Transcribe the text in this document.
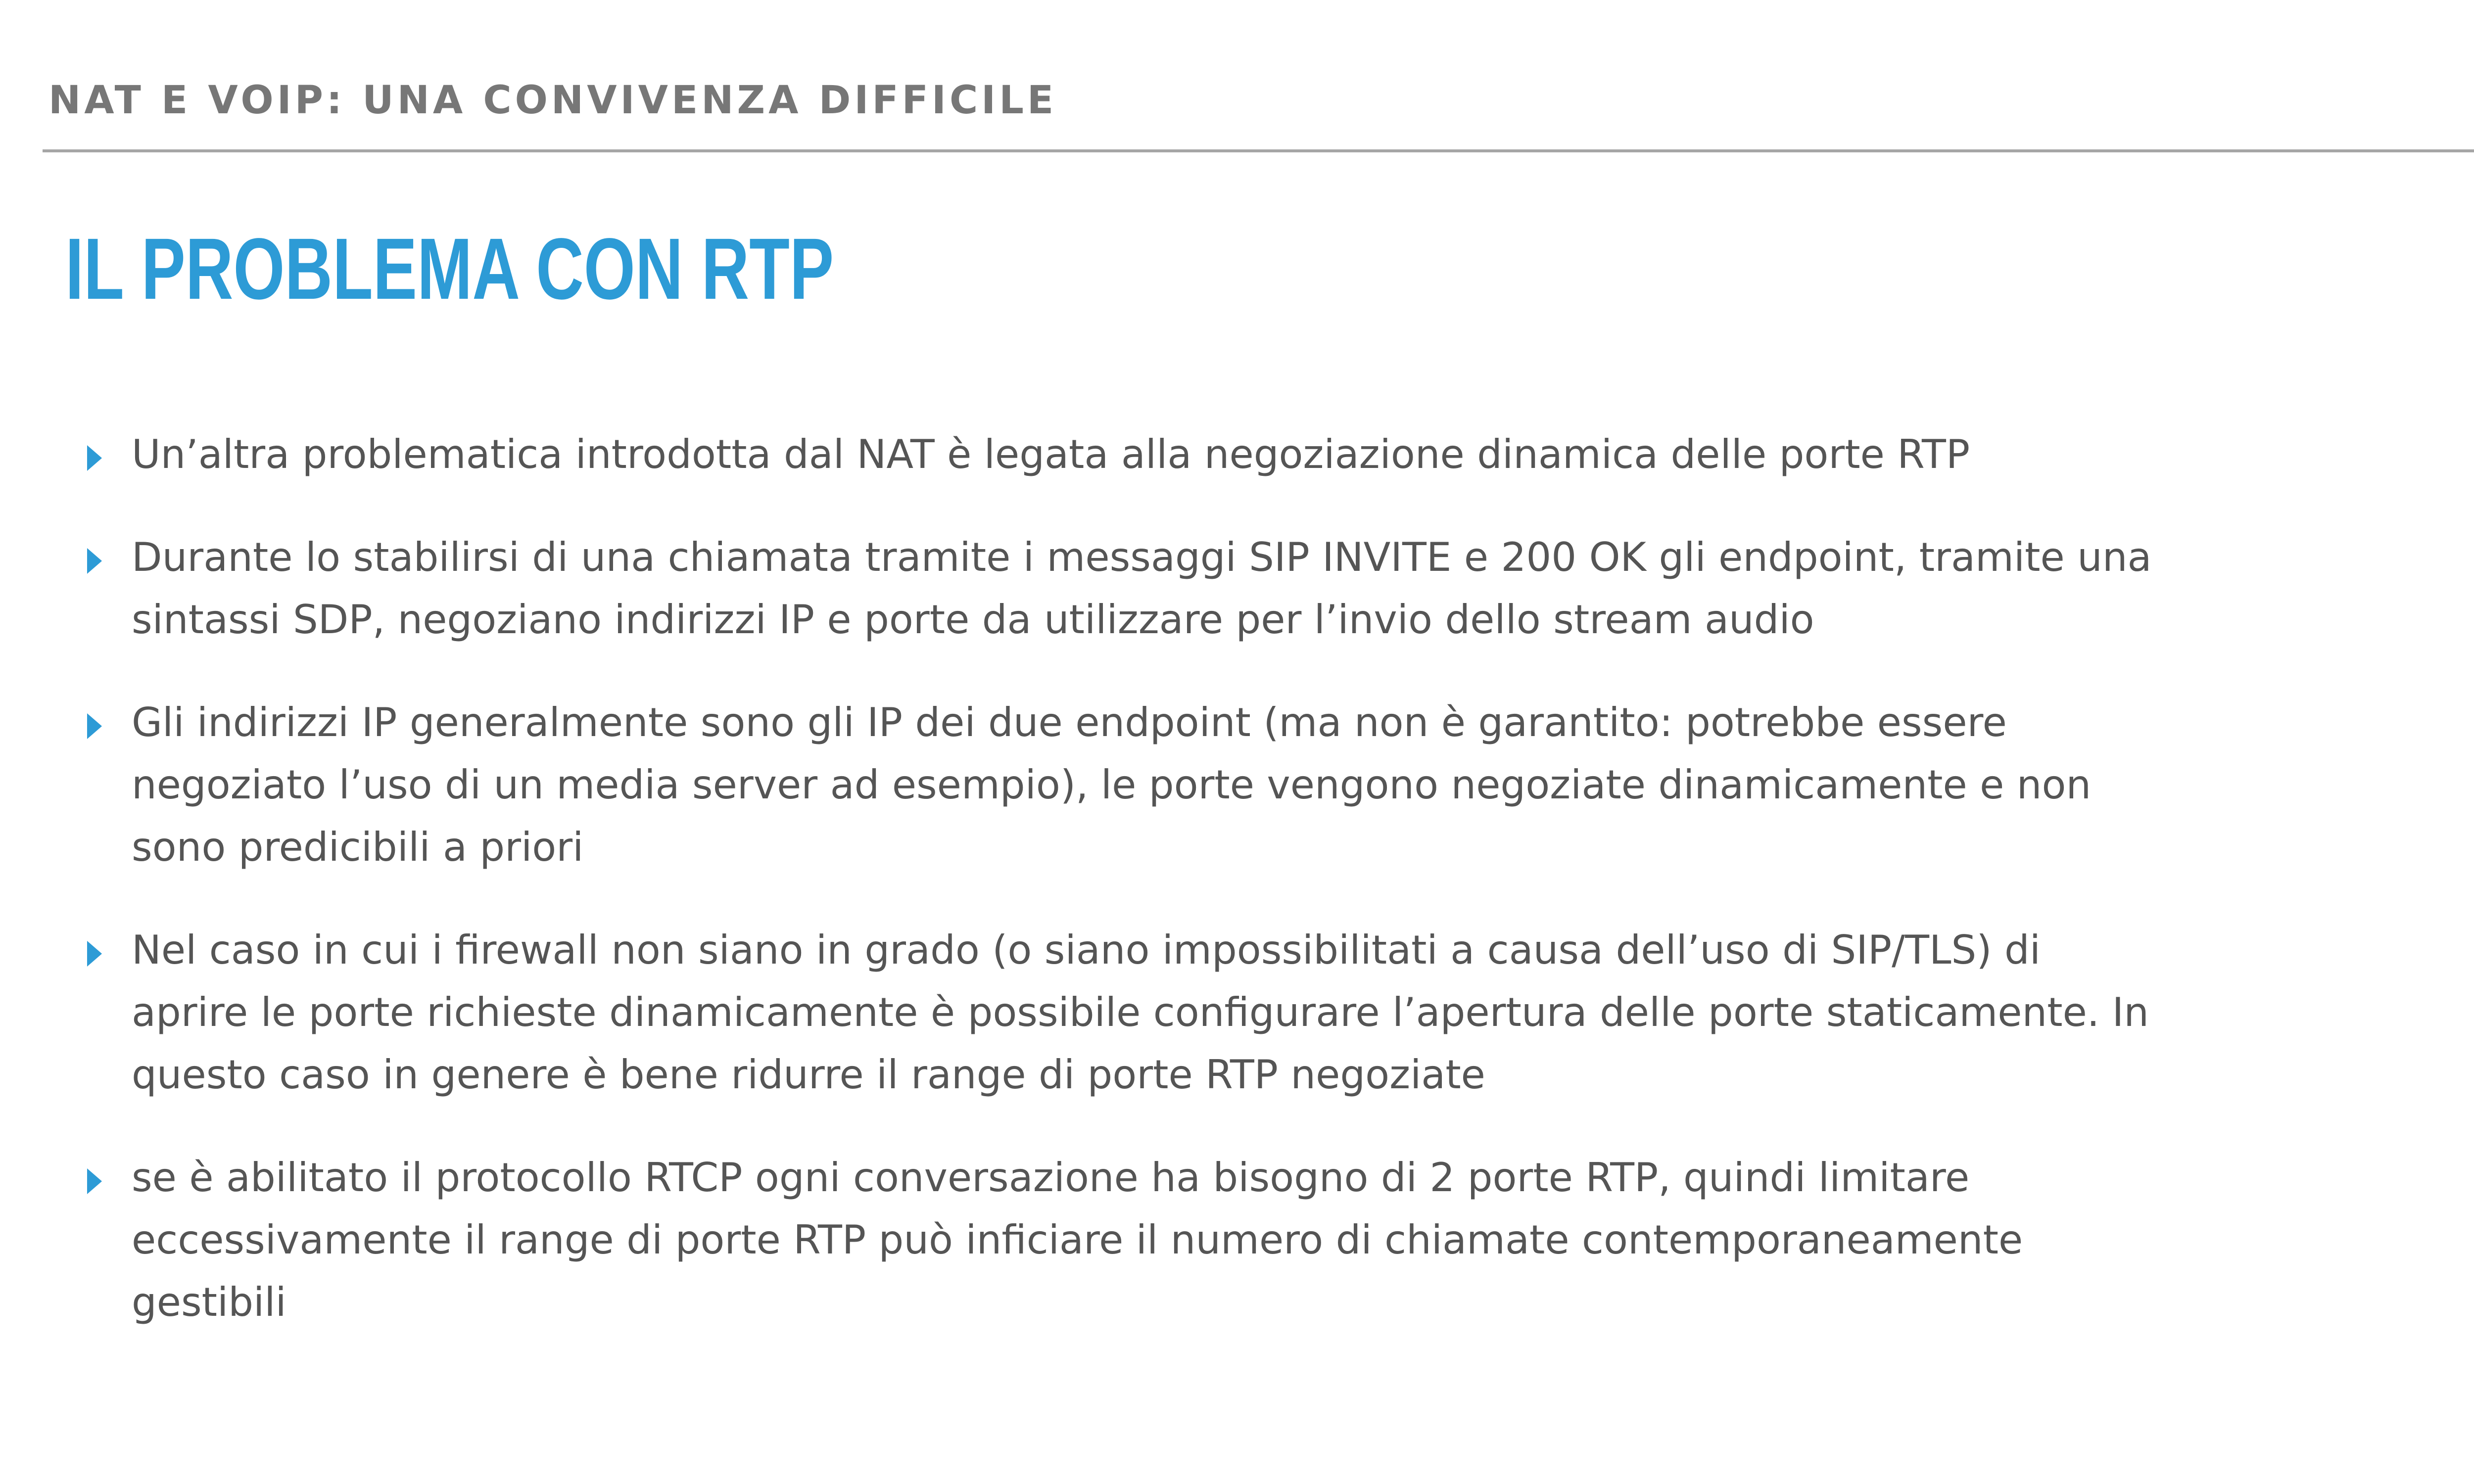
NAT E VOIP: UNA CONVIVENZA DIFFICILE
IL PROBLEMA CON RTP
Un’altra problematica introdotta dal NAT è legata alla negoziazione dinamica delle porte RTP
Durante lo stabilirsi di una chiamata tramite i messaggi SIP INVITE e 200 OK gli endpoint, tramite una
sintassi SDP, negoziano indirizzi IP e porte da utilizzare per l’invio dello stream audio
Gli indirizzi IP generalmente sono gli IP dei due endpoint (ma non è garantito: potrebbe essere
negoziato l’uso di un media server ad esempio), le porte vengono negoziate dinamicamente e non
sono predicibili a priori
Nel caso in cui i firewall non siano in grado (o siano impossibilitati a causa dell’uso di SIP/TLS) di
aprire le porte richieste dinamicamente è possibile configurare l’apertura delle porte staticamente. In
questo caso in genere è bene ridurre il range di porte RTP negoziate
se è abilitato il protocollo RTCP ogni conversazione ha bisogno di 2 porte RTP, quindi limitare
eccessivamente il range di porte RTP può inficiare il numero di chiamate contemporaneamente
gestibili
